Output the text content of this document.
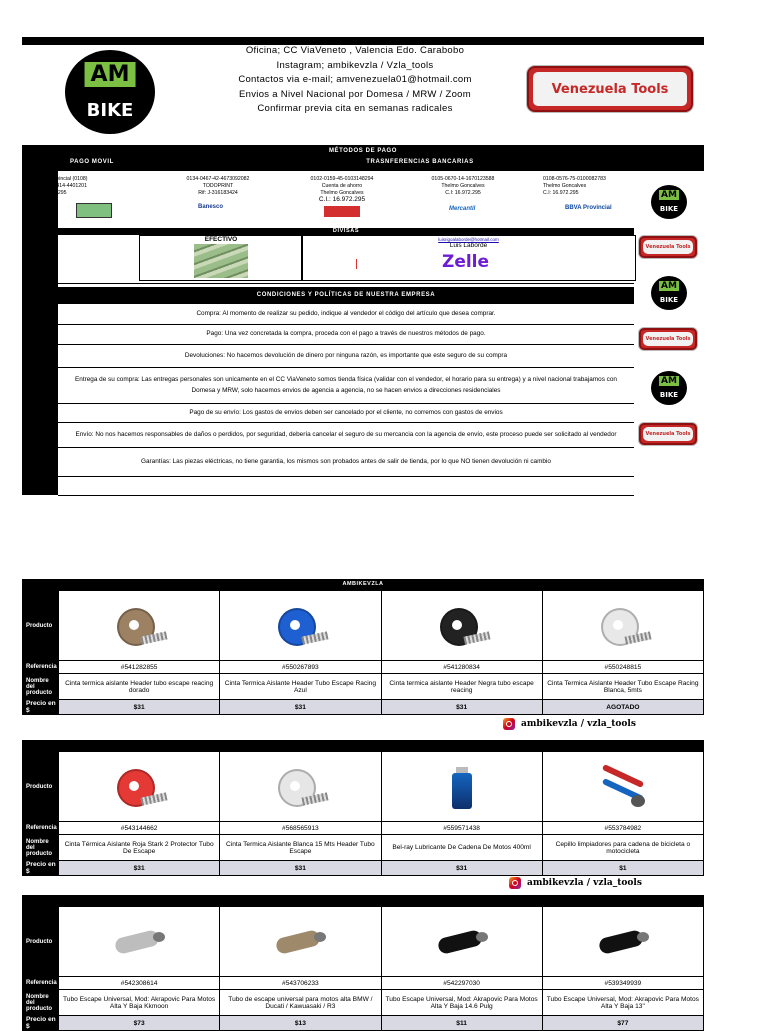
AM
BIKE
Oficina; CC ViaVeneto , Valencia Edo. Carabobo
Instagram; ambikevzla / Vzla_tools
Contactos via e-mail; amvenezuela01@hotmail.com
Envios a Nivel Nacional por Domesa / MRW / Zoom
Confirmar previa cita en semanas radicales
Venezuela Tools
MÉTODOS DE PAGO
PAGO MOVIL	TRASNFERENCIAS BANCARIAS
Banco: Provincial (0108)
Teléfono: 0414-4401201
C.I: 16.972.295
0134-0467-42-4673092082
TODOPRINT
Rif: J-316183424
Banesco
0102-0159-45-0103148294
Cuenta de ahorro
Thelmo Goncalves
C.I.: 16.972.295
0105-0670-14-1670123588
Thelmo Goncalves
C.I: 16.972.295
Mercantil
0108-0576-75-0100082783
Thelmo Goncalves
C.I: 16.972.295
BBVA Provincial
DIVISAS
EFECTIVO	luisrigoalaborde@hotmail.com
Luis Laborde
Zelle
CONDICIONES Y POLÍTICAS DE NUESTRA EMPRESA
Compra: Al momento de realizar su pedido, indique al vendedor el código del artículo que desea comprar.
Pago: Una vez concretada la compra, proceda con el pago a través de nuestros métodos de pago.
Devoluciones: No hacemos devolución de dinero por ninguna razón, es importante que este seguro de su compra
Entrega de su compra: Las entregas personales son unicamente en el CC ViaVeneto somos tienda física (validar con el vendedor, el horario para su entrega) y a nivel nacional trabajamos con Domesa y MRW, solo hacemos envios de agencia a agencia, no se hacen envios a direcciones residenciales
Pago de su envío: Los gastos de envios deben ser cancelado por el cliente, no corremos con gastos de envios
Envío: No nos hacemos responsables de daños o perdidos, por seguridad, debería cancelar el seguro de su mercancia con la agencia de envío, este proceso puede ser solicitado al vendedor
Garantías: Las piezas eléctricas, no tiene garantia, los mismos son probados antes de salir de tienda, por lo que NO tienen devolución ni cambio
AM
BIKE
Venezuela Tools
AM
BIKE
Venezuela Tools
AM
BIKE
Venezuela Tools
AMBIKEVZLA
Producto	

Referencia	#541282855	#550267893	#541280834	#550248815
Nombre del producto	Cinta termica aislante Header tubo escape reacing dorado	Cinta Termica Aislante Header Tubo Escape Racing Azul	Cinta termica aislante Header Negra tubo escape reacing	Cinta Termica Aislante Header Tubo Escape Racing Blanca, 5mts
Precio en $	$31	$31	$31	AGOTADO
Producto	

Referencia	#543144662	#568565913	#559571438	#553784982
Nombre del producto	Cinta Térmica Aislante Roja Stark 2 Protector Tubo De Escape	Cinta Termica Aislante Blanca 15 Mts Header Tubo Escape	Bel-ray Lubricante De Cadena De Motos 400ml	Cepillo limpiadores para cadena de bicicleta o motocicleta
Precio en $	$31	$31	$31	$1
Producto	

Referencia	#542308614	#543706233	#542297030	#539349939
Nombre del producto	Tubo Escape Universal, Mod: Akrapovic Para Motos Alta Y Baja Kkmoon	Tubo de escape universal para motos alta BMW / Ducati / Kawuasaki / R3	Tubo Escape Universal, Mod: Akrapovic Para Motos Alta Y Baja 14.6 Pulg	Tubo Escape Universal, Mod: Akrapovic Para Motos Alta Y Baja 13"
Precio en $	$73	$13	$11	$77
ambikevzla / vzla_tools
ambikevzla / vzla_tools
